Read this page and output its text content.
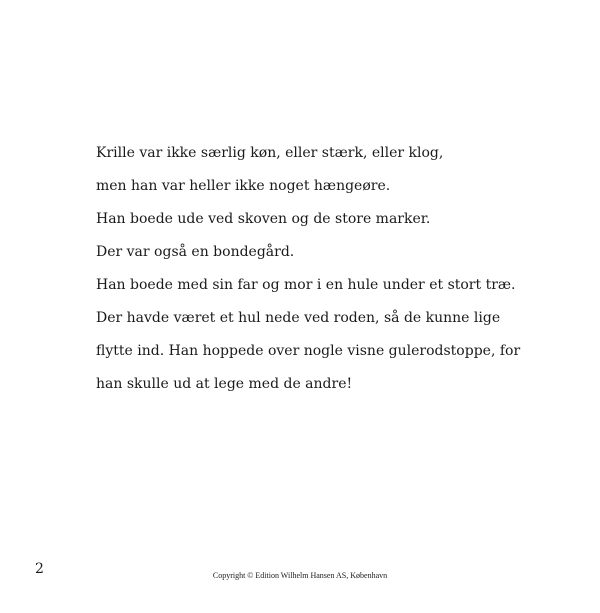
Krille var ikke særlig køn, eller stærk, eller klog,

men han var heller ikke noget hængeøre.

Han boede ude ved skoven og de store marker.

Der var også en bondegård.

Han boede med sin far og mor i en hule under et stort træ.

Der havde været et hul nede ved roden, så de kunne lige

flytte ind. Han hoppede over nogle visne gulerodstoppe, for

han skulle ud at lege med de andre!

2	Copyright © Edition Wilhelm Hansen AS, København
